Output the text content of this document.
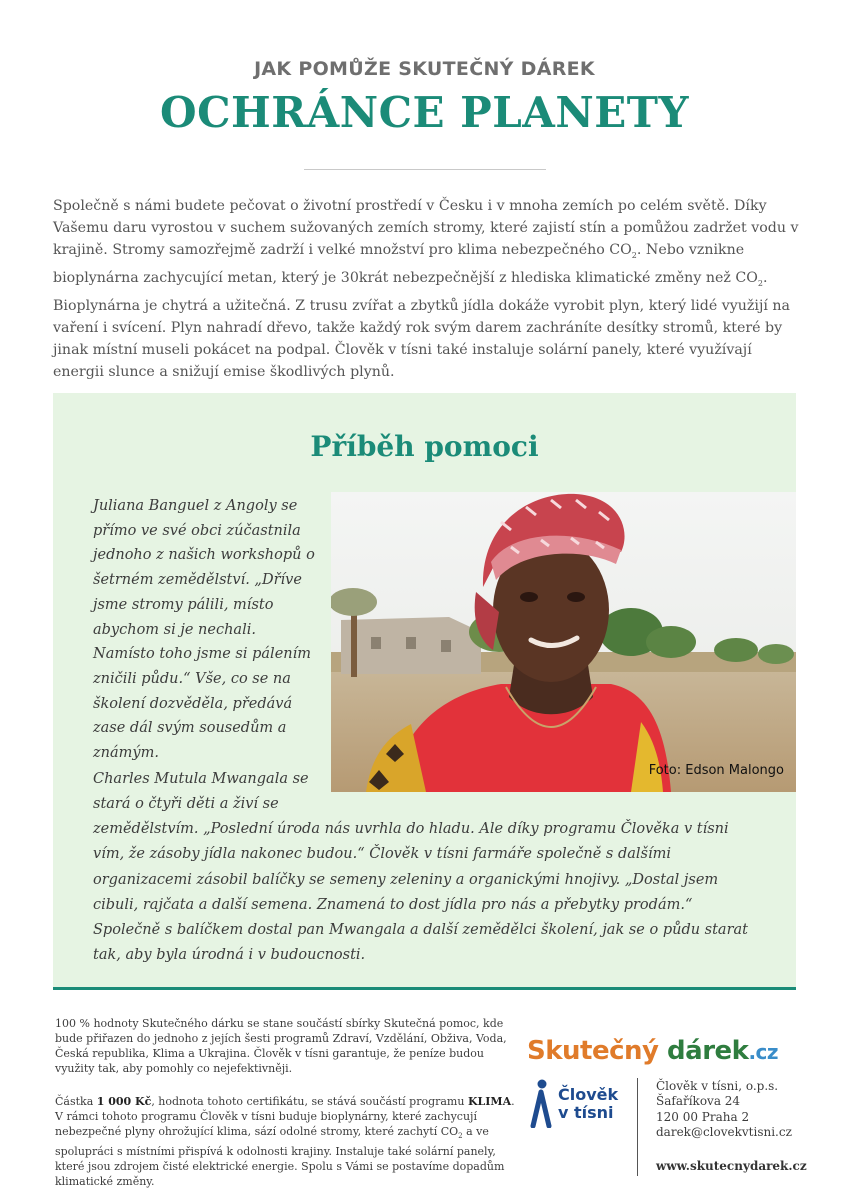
JAK POMŮŽE SKUTEČNÝ DÁREK
OCHRÁNCE PLANETY

Společně s námi budete pečovat o životní prostředí v Česku i v mnoha zemích po celém světě. Díky Vašemu daru vyrostou v suchem sužovaných zemích stromy, které zajistí stín a pomůžou zadržet vodu v krajině. Stromy samozřejmě zadrží i velké množství pro klima nebezpečného $CO_2$. Nebo vznikne bioplynárna zachycující metan, který je 30krát nebezpečnější z hlediska klimatické změny než $CO_2$. Bioplynárna je chytrá a užitečná. Z trusu zvířat a zbytků jídla dokáže vyrobit plyn, který lidé využijí na vaření i svícení. Plyn nahradí dřevo, takže každý rok svým darem zachráníte desítky stromů, které by jinak místní museli pokácet na podpal. Člověk v tísni také instaluje solární panely, které využívají energii slunce a snižují emise škodlivých plynů.

Příběh pomoci
Foto: Edson Malongo

Juliana Banguel z Angoly se přímo ve své obci zúčastnila jednoho z našich workshopů o šetrném zemědělství. „Dříve jsme stromy pálili, místo abychom si je nechali. Namísto toho jsme si pálením zničili půdu.“ Vše, co se na školení dozvěděla, předává zase dál svým sousedům a známým.

Charles Mutula Mwangala se stará o čtyři děti a živí se

zemědělstvím. „Poslední úroda nás uvrhla do hladu. Ale díky programu Člověka v tísni vím, že zásoby jídla nakonec budou.“ Člověk v tísni farmáře společně s dalšími organizacemi zásobil balíčky se semeny zeleniny a organickými hnojivy. „Dostal jsem cibuli, rajčata a další semena. Znamená to dost jídla pro nás a přebytky prodám.“ Společně s balíčkem dostal pan Mwangala a další zemědělci školení, jak se o půdu starat tak, aby byla úrodná i v budoucnosti.

100 % hodnoty Skutečného dárku se stane součástí sbírky Skutečná pomoc, kde bude přiřazen do jednoho z jejích šesti programů Zdraví, Vzdělání, Obživa, Voda, Česká republika, Klima a Ukrajina. Člověk v tísni garantuje, že peníze budou využity tak, aby pomohly co nejefektivněji.

Částka 1 000 Kč, hodnota tohoto certifikátu, se stává součástí programu KLIMA. V rámci tohoto programu Člověk v tísni buduje bioplynárny, které zachycují nebezpečné plyny ohrožující klima, sází odolné stromy, které zachytí $CO_2$ a ve spolupráci s místními přispívá k odolnosti krajiny. Instaluje také solární panely, které jsou zdrojem čisté elektrické energie. Spolu s Vámi se postavíme dopadům klimatické změny.

Skutečný dárek.cz
Člověk
v tísni
Člověk v tísni, o.p.s.
Šafaříkova 24
120 00 Praha 2
darek@clovekvtisni.cz
www.skutecnydarek.cz
